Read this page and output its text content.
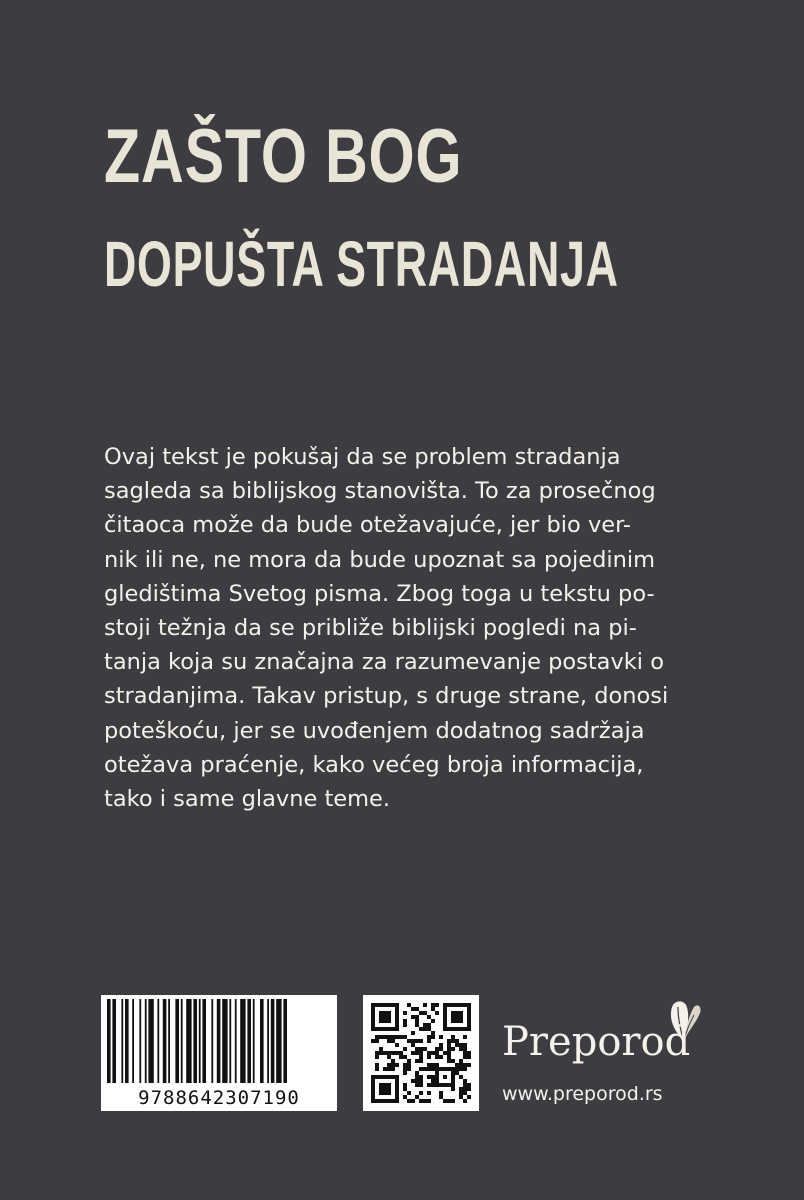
ZAŠTO BOG
DOPUŠTA STRADANJA

Ovaj tekst je pokušaj da se problem stradanja
sagleda sa biblijskog stanovišta. To za prosečnog
čitaoca može da bude otežavajuće, jer bio ver-
nik ili ne, ne mora da bude upoznat sa pojedinim
gledištima Svetog pisma. Zbog toga u tekstu po-
stoji težnja da se približe biblijski pogledi na pi-
tanja koja su značajna za razumevanje postavki o
stradanjima. Takav pristup, s druge strane, donosi
poteškoću, jer se uvođenjem dodatnog sadržaja
otežava praćenje, kako većeg broja informacija,
tako i same glavne teme.

9788642307190

Preporod

www.preporod.rs
